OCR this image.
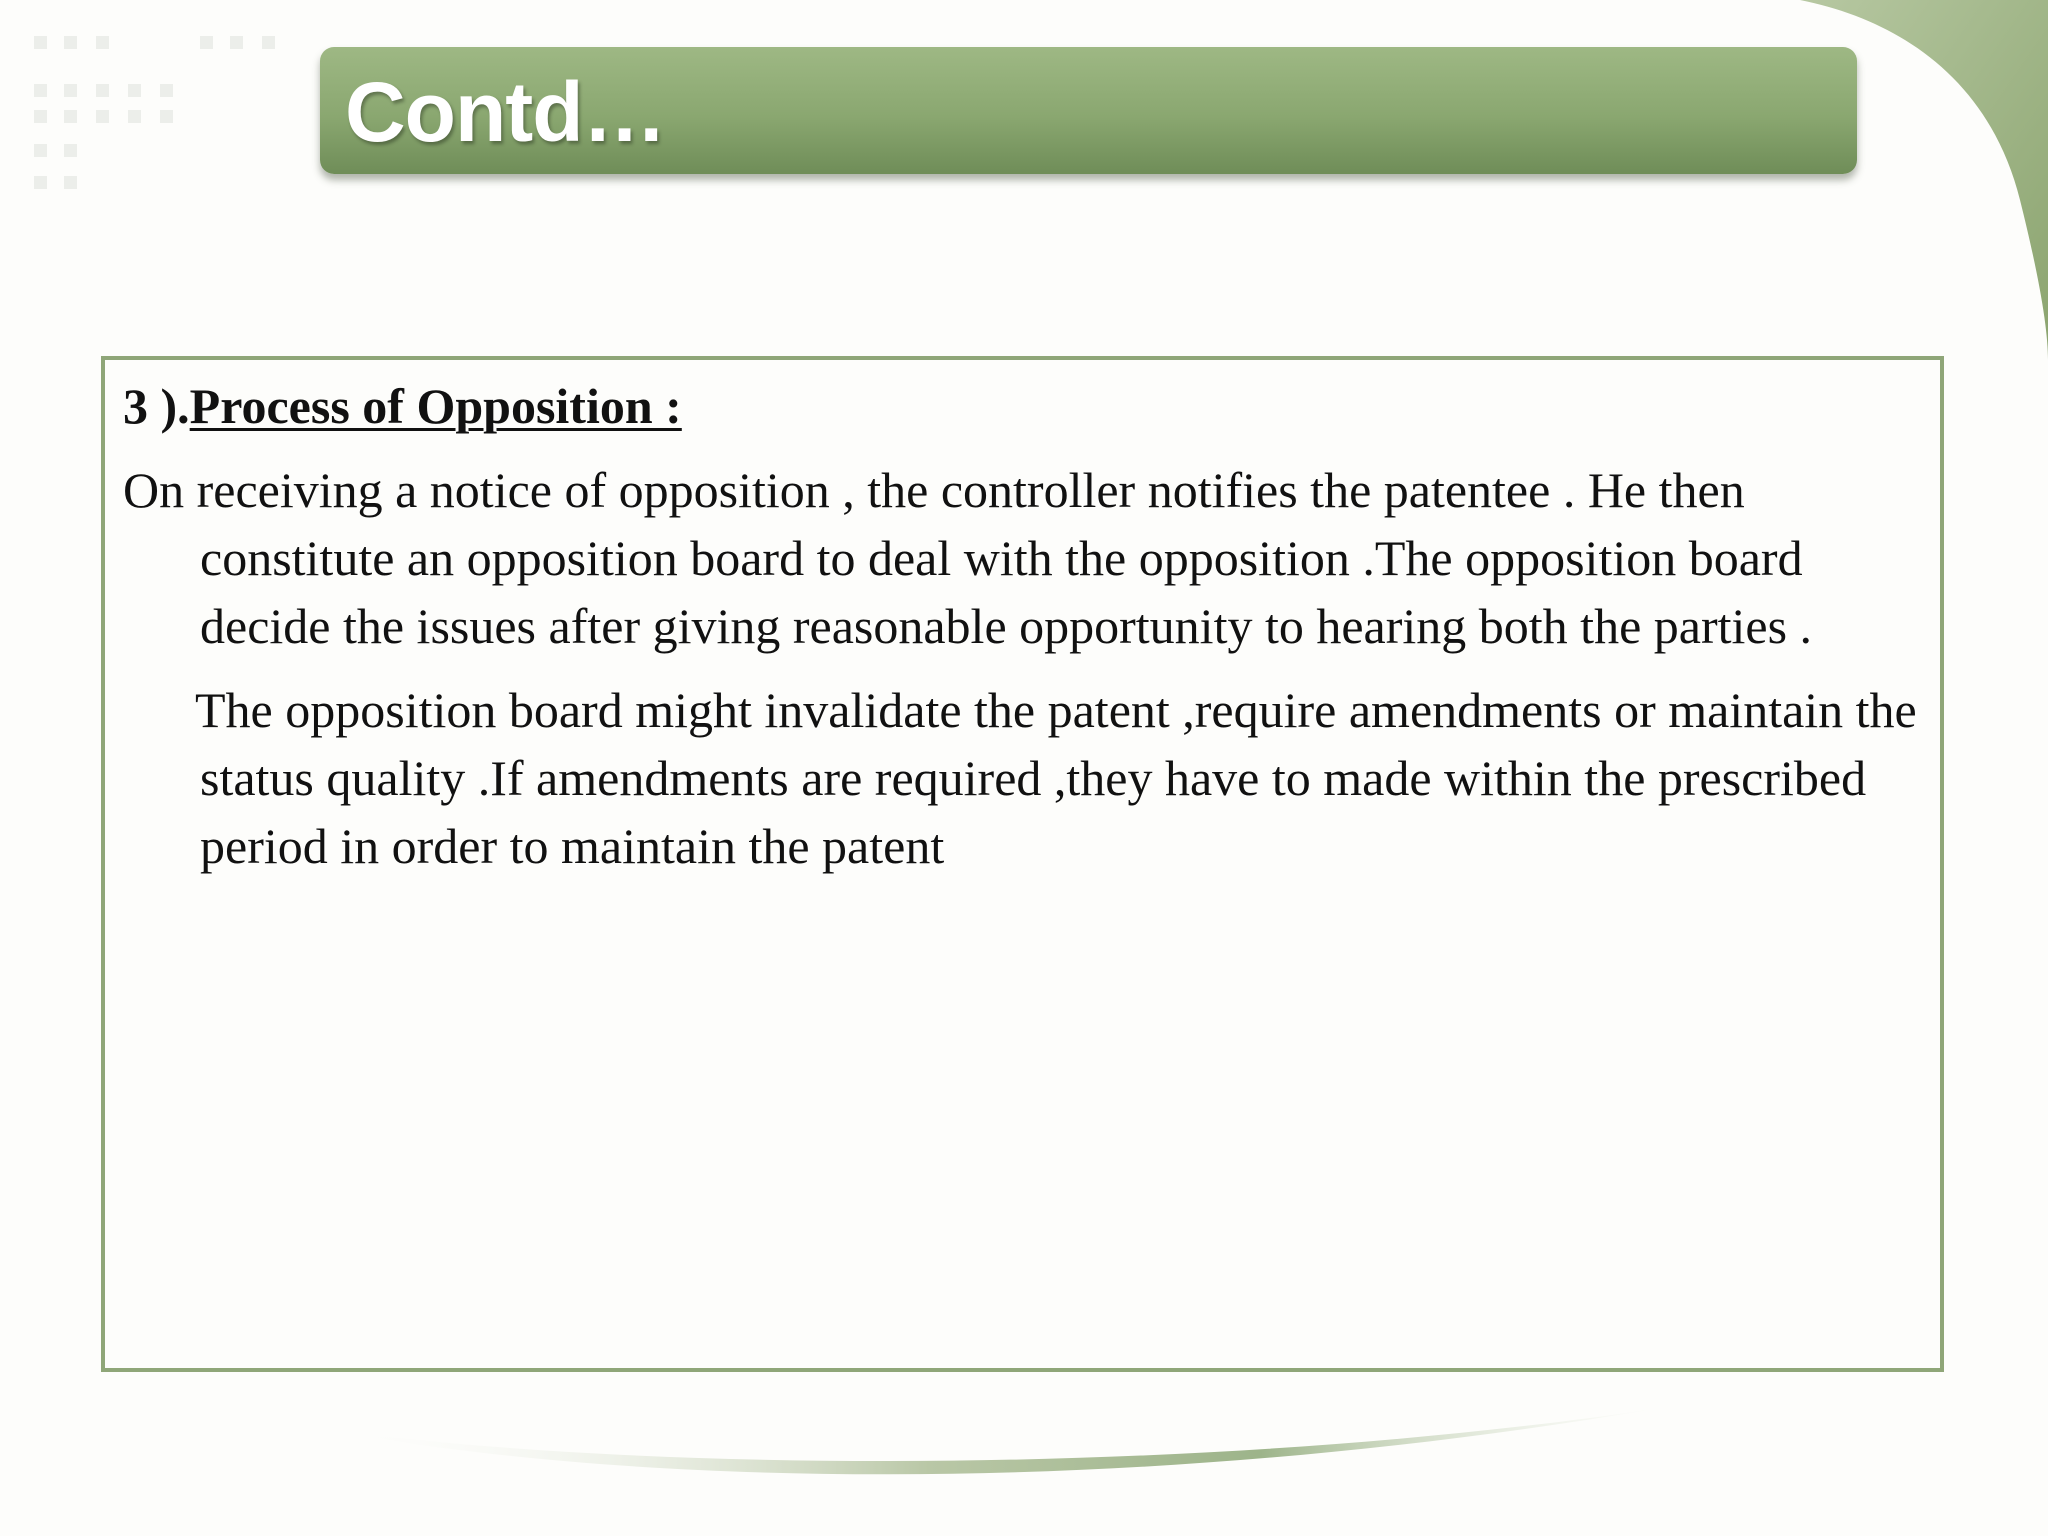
Contd…

3 ).Process of Opposition :

On receiving a notice of opposition , the controller notifies the patentee . He then constitute an opposition board to deal with the opposition .The opposition board decide the issues after giving reasonable opportunity to hearing both the parties .

The opposition board might invalidate the patent ,require amendments or maintain the status quality .If amendments are required ,they have to made within the prescribed period in order to maintain the patent
